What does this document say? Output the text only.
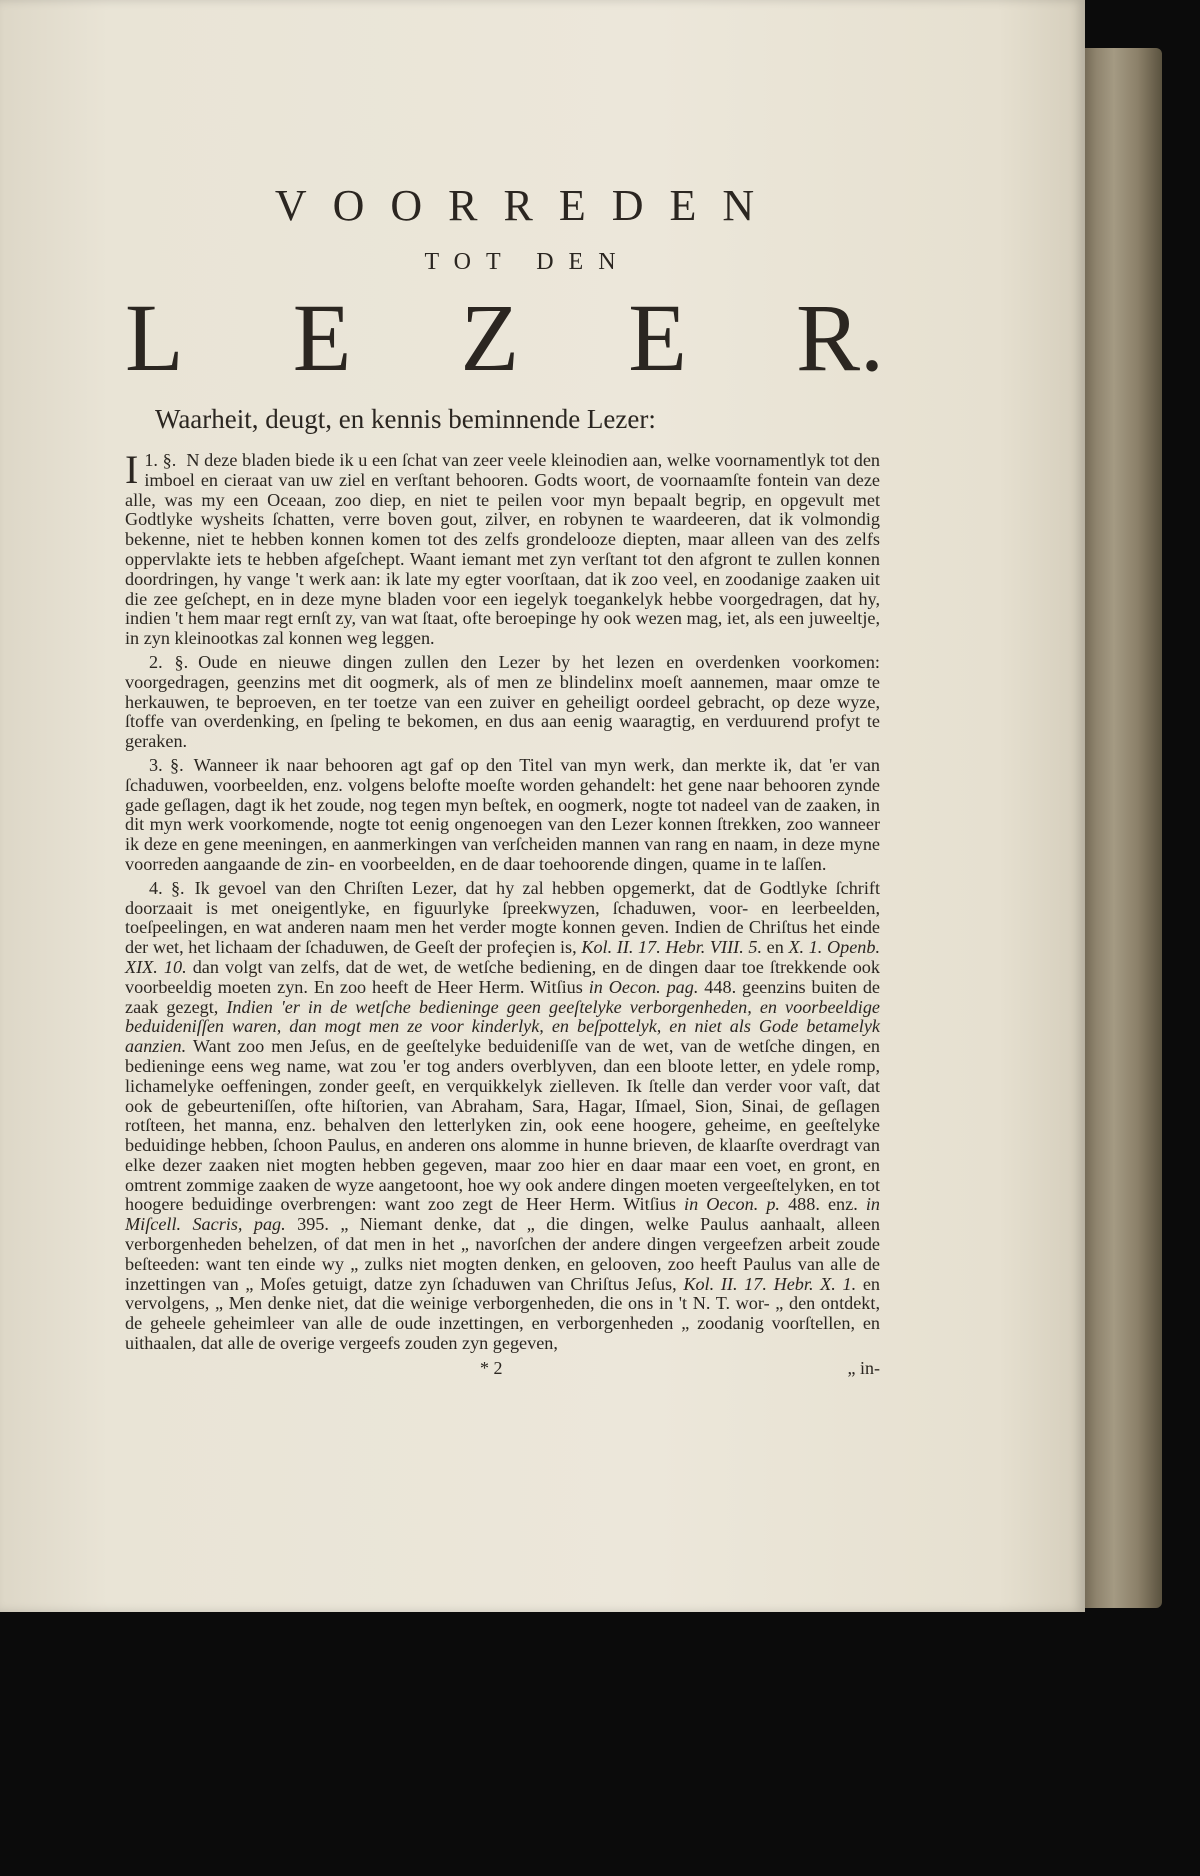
VOORREDEN
TOT DEN
L E Z E R.
Waarheit, deugt, en kennis beminnende Lezer:

1. §.
I	N deze bladen biede ik u een ſchat van zeer veele kleinodien aan, welke voornamentlyk tot den imboel en cieraat van uw ziel en verſtant behooren. Godts woort, de voornaamſte fontein van deze alle, was my een Oceaan, zoo diep, en niet te peilen voor myn bepaalt begrip, en opgevult met Godtlyke wysheits ſchatten, verre boven gout, zilver, en robynen te waardeeren, dat ik volmondig bekenne, niet te hebben konnen komen tot des zelfs grondelooze diepten, maar alleen van des zelfs oppervlakte iets te hebben afgeſchept. Waant iemant met zyn verſtant tot den afgront te zullen konnen doordringen, hy vange 't werk aan: ik late my egter voorſtaan, dat ik zoo veel, en zoodanige zaaken uit die zee geſchept, en in deze myne bladen voor een iegelyk toegankelyk hebbe voorgedragen, dat hy, indien 't hem maar regt ernſt zy, van wat ſtaat, ofte beroepinge hy ook wezen mag, iet, als een juweeltje, in zyn kleinootkas zal konnen weg leggen.

2. §. Oude en nieuwe dingen zullen den Lezer by het lezen en overdenken voorkomen: voorgedragen, geenzins met dit oogmerk, als of men ze blindelinx moeſt aannemen, maar omze te herkauwen, te beproeven, en ter toetze van een zuiver en geheiligt oordeel gebracht, op deze wyze, ſtoffe van overdenking, en ſpeling te bekomen, en dus aan eenig waaragtig, en verduurend profyt te geraken.

3. §. Wanneer ik naar behooren agt gaf op den Titel van myn werk, dan merkte ik, dat 'er van ſchaduwen, voorbeelden, enz. volgens belofte moeſte worden gehandelt: het gene naar behooren zynde gade geſlagen, dagt ik het zoude, nog tegen myn beſtek, en oogmerk, nogte tot nadeel van de zaaken, in dit myn werk voorkomende, nogte tot eenig ongenoegen van den Lezer konnen ſtrekken, zoo wanneer ik deze en gene meeningen, en aanmerkingen van verſcheiden mannen van rang en naam, in deze myne voorreden aangaande de zin- en voorbeelden, en de daar toehoorende dingen, quame in te laſſen.

4. §. Ik gevoel van den Chriſten Lezer, dat hy zal hebben opgemerkt, dat de Godtlyke ſchrift doorzaait is met oneigentlyke, en figuurlyke ſpreekwyzen, ſchaduwen, voor- en leerbeelden, toeſpeelingen, en wat anderen naam men het verder mogte konnen geven. Indien de Chriſtus het einde der wet, het lichaam der ſchaduwen, de Geeſt der profeçien is, Kol. II. 17. Hebr. VIII. 5. en X. 1. Openb. XIX. 10. dan volgt van zelfs, dat de wet, de wetſche bediening, en de dingen daar toe ſtrekkende ook voorbeeldig moeten zyn. En zoo heeft de Heer Herm. Witſius in Oecon. pag. 448. geenzins buiten de zaak gezegt, Indien 'er in de wetſche bedieninge geen geeſtelyke verborgenheden, en voorbeeldige beduideniſſen waren, dan mogt men ze voor kinderlyk, en beſpottelyk, en niet als Gode betamelyk aanzien. Want zoo men Jeſus, en de geeſtelyke beduideniſſe van de wet, van de wetſche dingen, en bedieninge eens weg name, wat zou 'er tog anders overblyven, dan een blootе letter, en ydele romp, lichamelyke oeffeningen, zonder geeſt, en verquikkelyk zielleven. Ik ſtelle dan verder voor vaſt, dat ook de gebeurteniſſen, ofte hiſtorien, van Abraham, Sara, Hagar, Iſmael, Sion, Sinai, de geſlagen rotſteen, het manna, enz. behalven den letterlyken zin, ook eene hoogere, geheime, en geeſtelyke beduidinge hebben, ſchoon Paulus, en anderen ons alomme in hunne brieven, de klaarſte overdragt van elke dezer zaaken niet mogten hebben gegeven, maar zoo hier en daar maar een voet, en gront, en omtrent zommige zaaken de wyze aangetoont, hoe wy ook andere dingen moeten vergeeſtelyken, en tot hoogere beduidinge overbrengen: want zoo zegt de Heer Herm. Witſius in Oecon. p. 488. enz. in Miſcell. Sacris, pag. 395. „ Niemant denke, dat „ die dingen, welke Paulus aanhaalt, alleen verborgenheden behelzen, of dat men in het „ navorſchen der andere dingen vergeefzen arbeit zoude beſteeden: want ten einde wy „ zulks niet mogten denken, en gelooven, zoo heeft Paulus van alle de inzettingen van „ Moſes getuigt, datze zyn ſchaduwen van Chriſtus Jeſus, Kol. II. 17. Hebr. X. 1. en vervolgens, „ Men denke niet, dat die weinige verborgenheden, die ons in 't N. T. wor- „ den ontdekt, de geheele geheimleer van alle de oude inzettingen, en verborgenheden „ zoodanig voorſtellen, en uithaalen, dat alle de overige vergeefs zouden zyn gegeven,

* 2	„ in-
